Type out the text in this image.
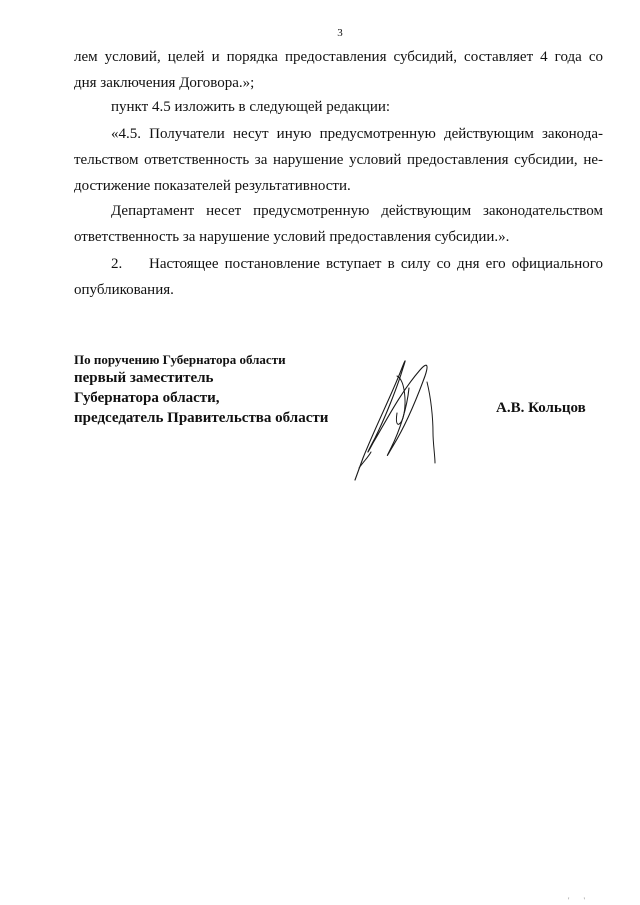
3
лем условий, целей и порядка предоставления субсидий, составляет 4 года со
дня заключения Договора.»;
пункт 4.5 изложить в следующей редакции:
«4.5. Получатели несут иную предусмотренную действующим законода-
тельством ответственность за нарушение условий предоставления субсидии, не-
достижение показателей результативности.
Департамент несет предусмотренную действующим законодательством
ответственность за нарушение условий предоставления субсидии.».
2. Настоящее постановление вступает в силу со дня его официального
опубликования.
По поручению Губернатора области
первый заместитель
Губернатора области,
председатель Правительства области
А.В. Кольцов
' '
